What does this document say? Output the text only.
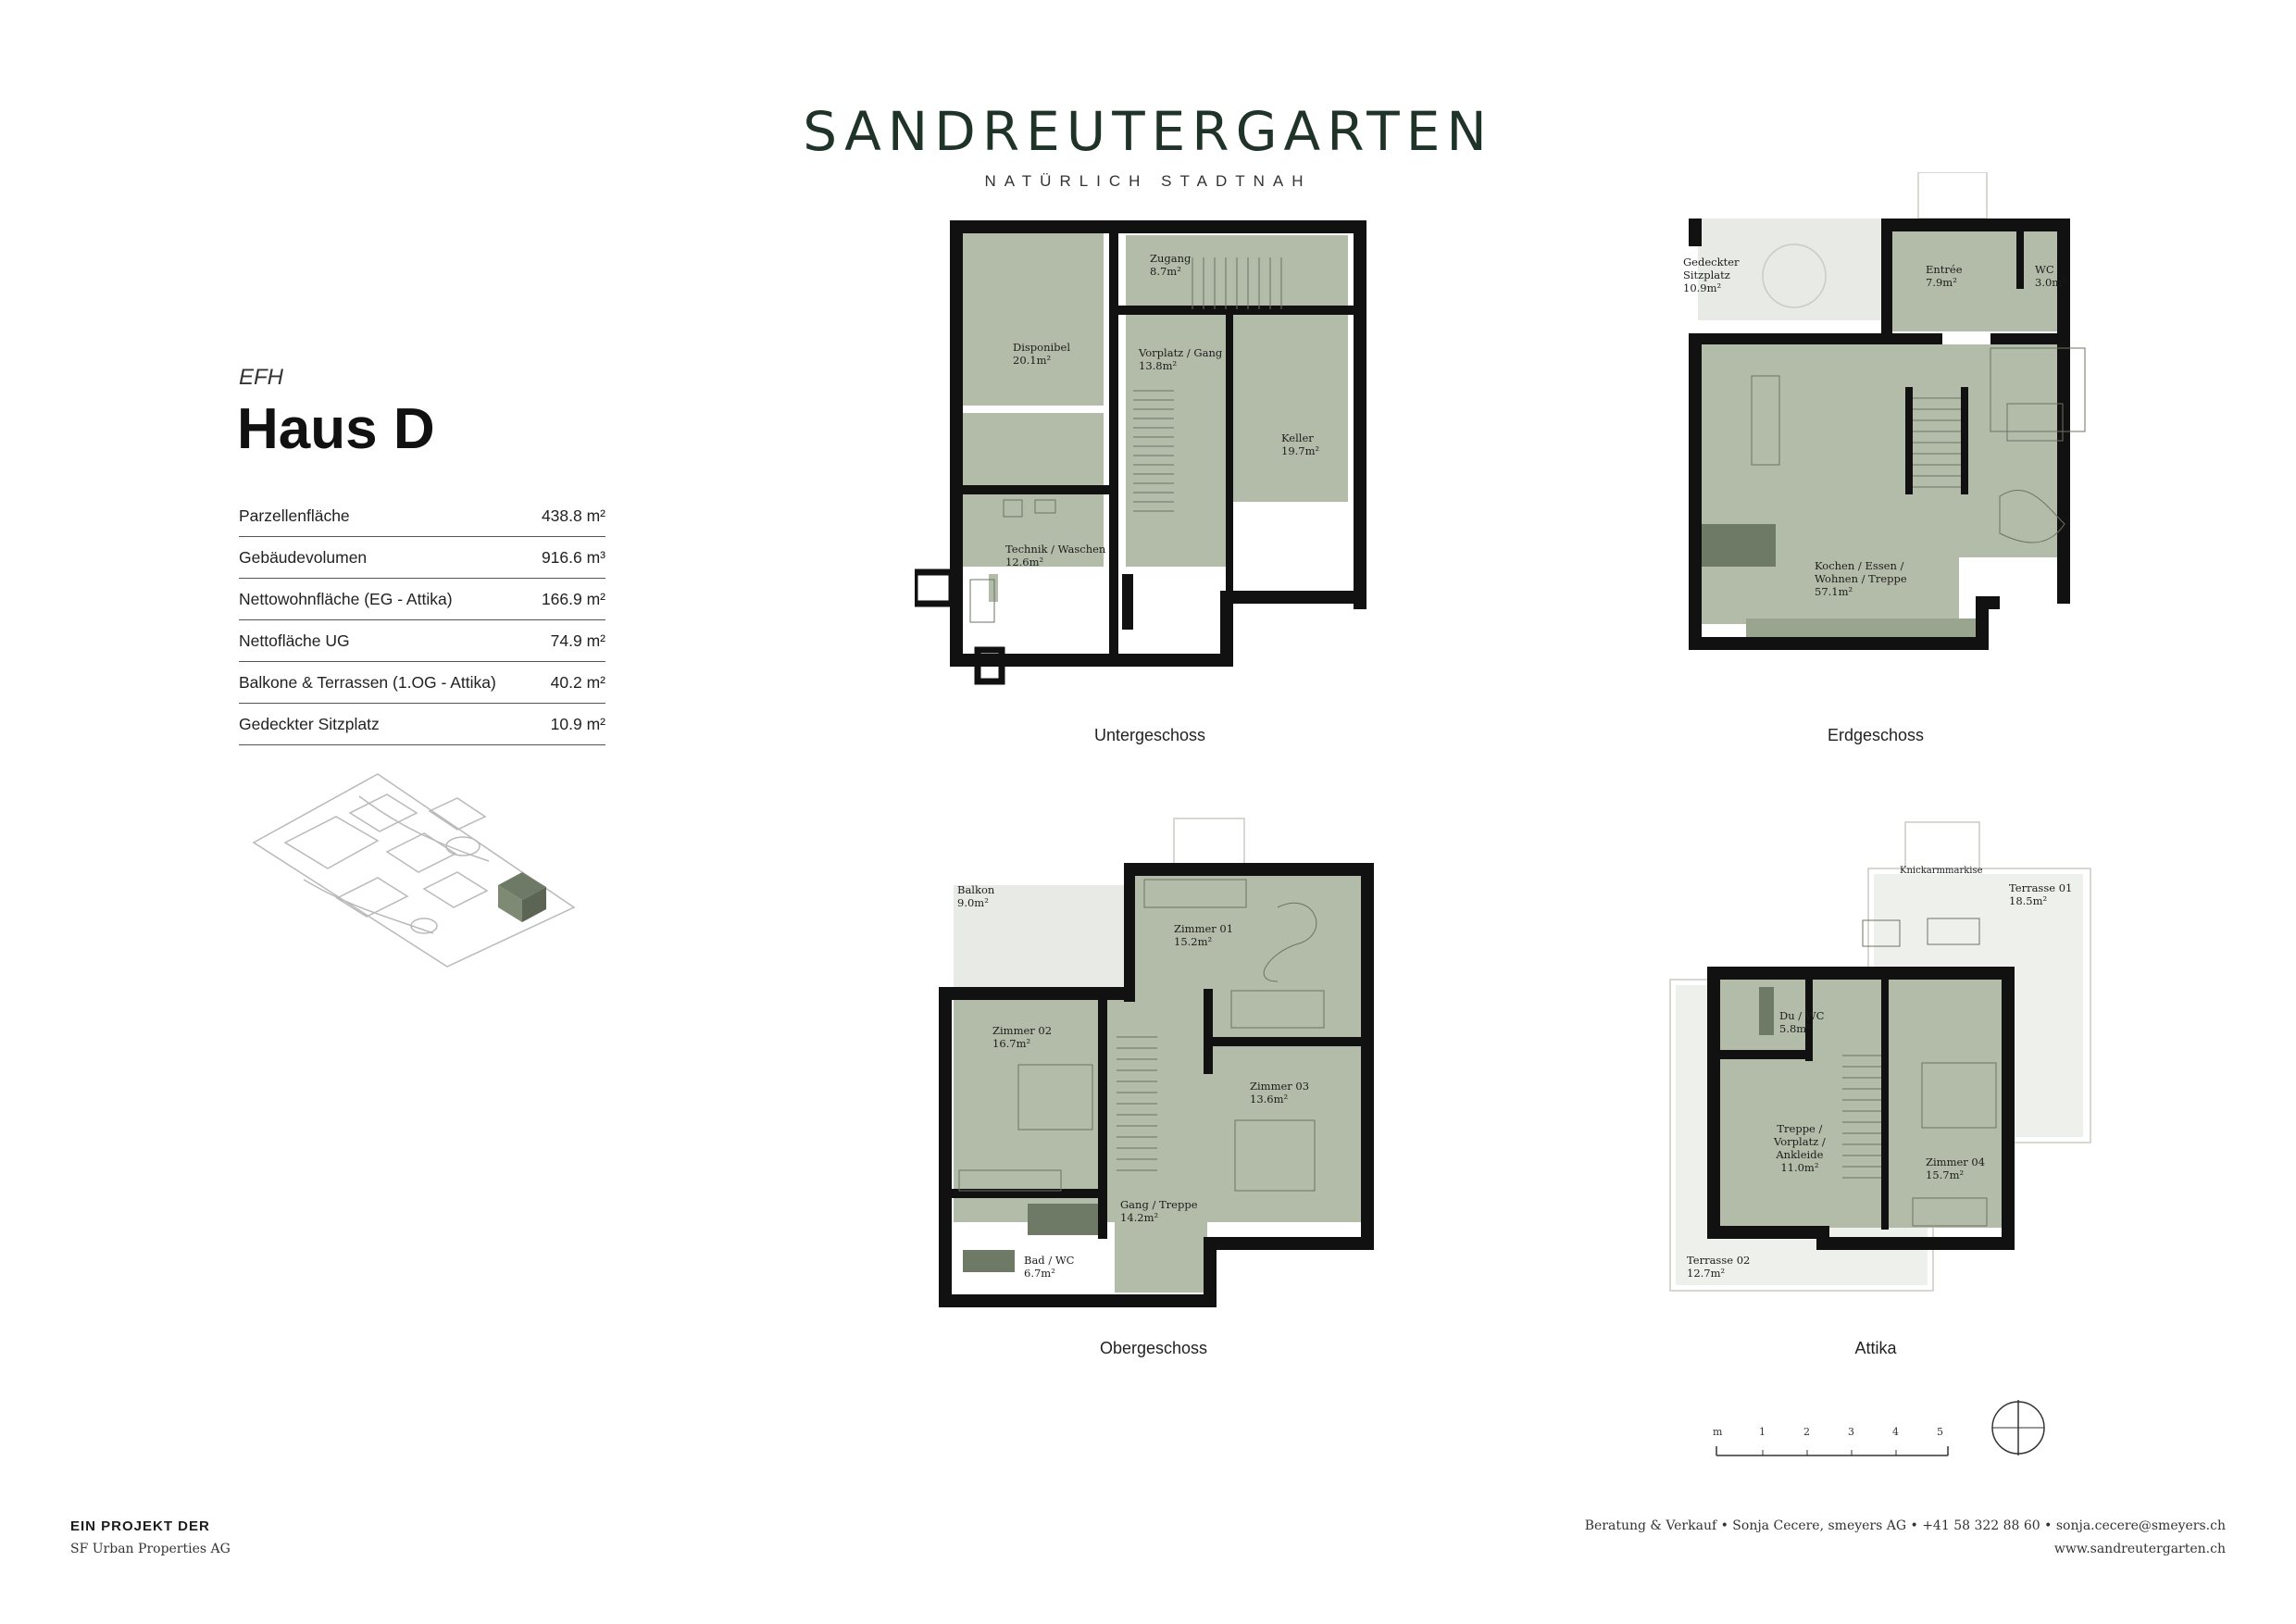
SANDREUTERGARTEN
NATÜRLICH STADTNAH
EFH
Haus D
Parzellenfläche	438.8 m²
Gebäudevolumen	916.6 m³
Nettowohnfläche (EG - Attika)	166.9 m²
Nettofläche UG	74.9 m²
Balkone & Terrassen (1.OG - Attika)	40.2 m²
Gedeckter Sitzplatz	10.9 m²
Zugang
8.7m²
Disponibel
20.1m²
Vorplatz / Gang
13.8m²
Keller
19.7m²
Technik / Waschen
12.6m²
Untergeschoss
Gedeckter
Sitzplatz
10.9m²
Entrée
7.9m²
WC
3.0m²
Kochen / Essen /
Wohnen / Treppe
57.1m²
Erdgeschoss
Balkon
9.0m²
Zimmer 01
15.2m²
Zimmer 02
16.7m²
Zimmer 03
13.6m²
Gang / Treppe
14.2m²
Bad / WC
6.7m²
Obergeschoss
Knickarmmarkise
Terrasse 01
18.5m²
Du / WC
5.8m²
Treppe /
Vorplatz /
Ankleide
11.0m²	Zimmer 04
15.7m²
Terrasse 02
12.7m²
Attika
m	1	2	3	4	5
EIN PROJEKT DER
SF Urban Properties AG
Beratung & Verkauf • Sonja Cecere, smeyers AG • +41 58 322 88 60 • sonja.cecere@smeyers.ch
www.sandreutergarten.ch
